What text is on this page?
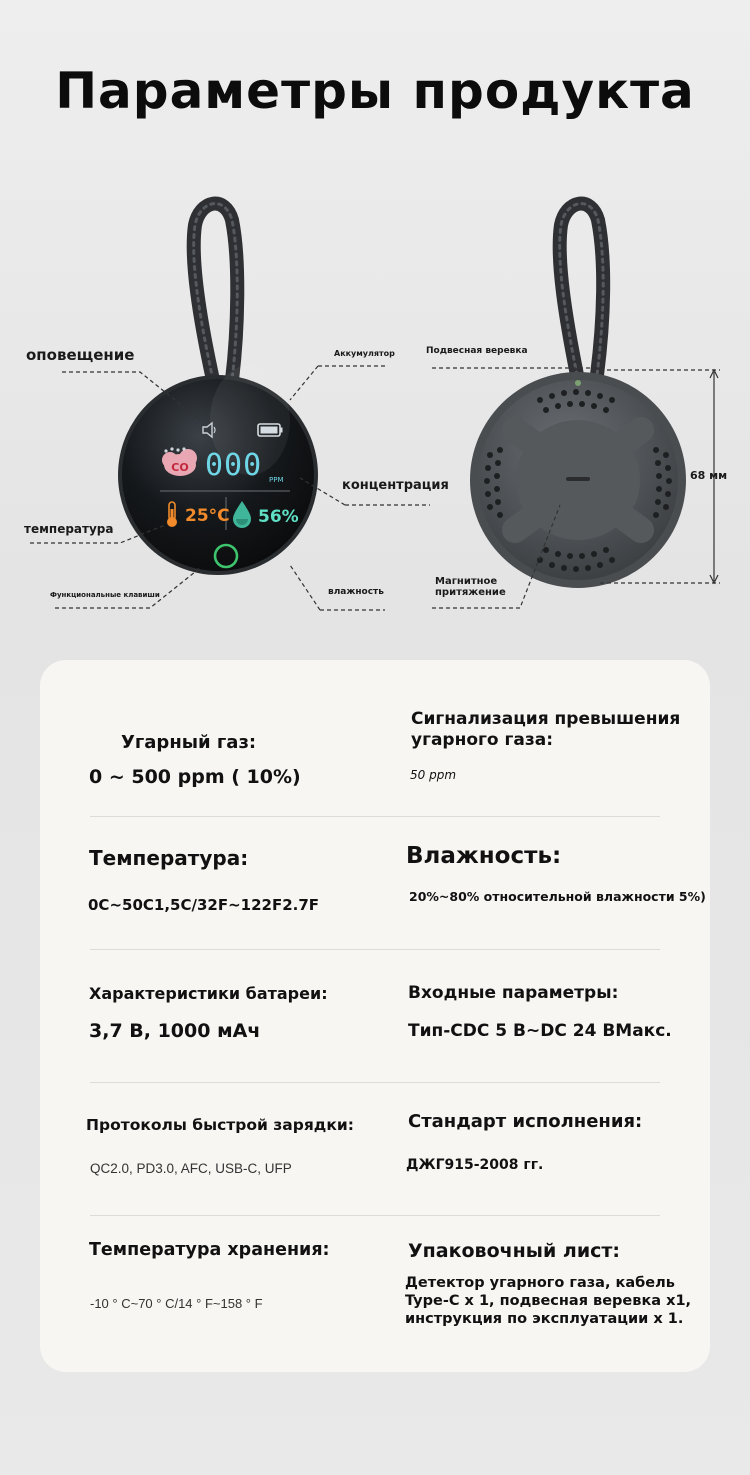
Параметры продукта
CO 000 PPM
25°C 56%
оповещение	Аккумулятор
концентрация
температура
Функциональные клавиши	влажность
Подвесная веревка
68 мм
Магнитное притяжение
Угарный газ:
0 ~ 500 ppm ( 10%)
Сигнализация превышения угарного газа:
50 ppm
Температура:
0C~50C1,5C/32F~122F2.7F
Влажность:
20%~80% относительной влажности 5%)
Характеристики батареи:
3,7 В, 1000 мАч
Входные параметры:
Тип-CDC 5 В~DC 24 ВМакс.
Протоколы быстрой зарядки:
QC2.0, PD3.0, AFC, USB-C, UFP
Стандарт исполнения:
ДЖГ915-2008 гг.
Температура хранения:
-10 ° C~70 ° C/14 ° F~158 ° F
Упаковочный лист:
Детектор угарного газа, кабель Type-C x 1, подвесная веревка x1, инструкция по эксплуатации x 1.
